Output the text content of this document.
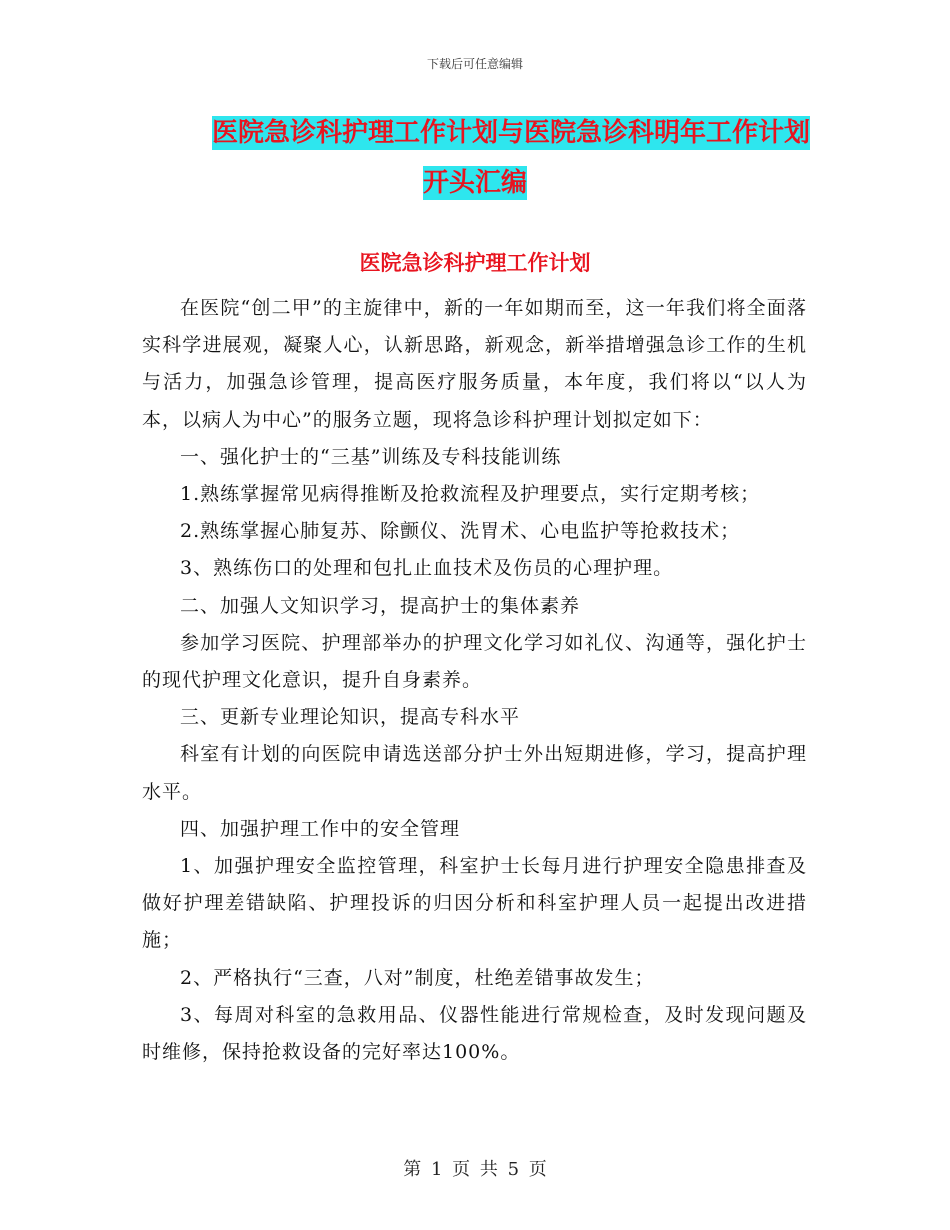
下载后可任意编辑
医院急诊科护理工作计划与医院急诊科明年工作计划
开头汇编
医院急诊科护理工作计划

在医院“创二甲”的主旋律中，新的一年如期而至，这一年我们将全面落实科学进展观，凝聚人心，认新思路，新观念，新举措增强急诊工作的生机与活力，加强急诊管理，提高医疗服务质量，本年度，我们将以“以人为本，以病人为中心”的服务立题，现将急诊科护理计划拟定如下：

一、强化护士的“三基”训练及专科技能训练

1.熟练掌握常见病得推断及抢救流程及护理要点，实行定期考核；

2.熟练掌握心肺复苏、除颤仪、洗胃术、心电监护等抢救技术；

3、熟练伤口的处理和包扎止血技术及伤员的心理护理。

二、加强人文知识学习，提高护士的集体素养

参加学习医院、护理部举办的护理文化学习如礼仪、沟通等，强化护士的现代护理文化意识，提升自身素养。

三、更新专业理论知识，提高专科水平

科室有计划的向医院申请选送部分护士外出短期进修，学习，提高护理水平。

四、加强护理工作中的安全管理

1、加强护理安全监控管理，科室护士长每月进行护理安全隐患排查及做好护理差错缺陷、护理投诉的归因分析和科室护理人员一起提出改进措施；

2、严格执行“三查，八对”制度，杜绝差错事故发生；

3、每周对科室的急救用品、仪器性能进行常规检查，及时发现问题及时维修，保持抢救设备的完好率达100%。

第 1 页 共 5 页
